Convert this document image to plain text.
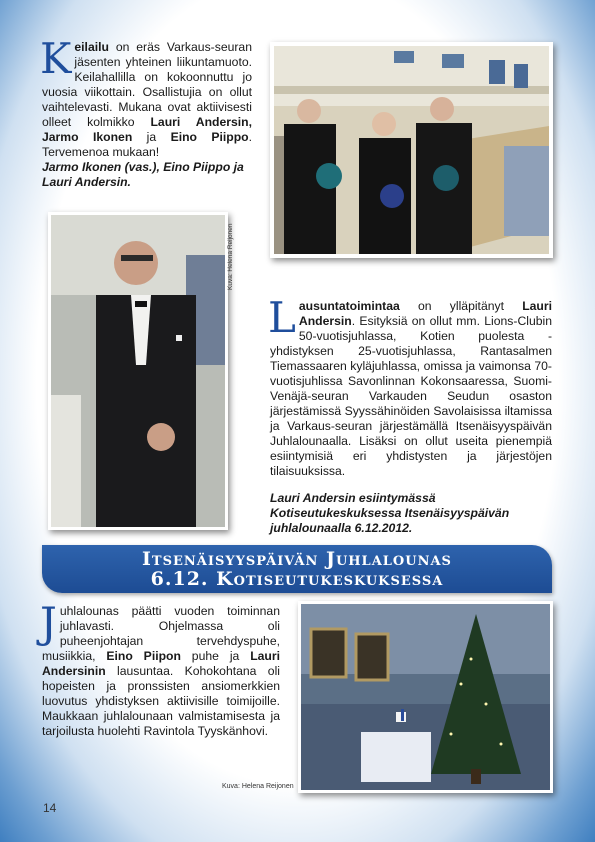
Keilailu on eräs Varkaus-seuran jäsenten yhteinen liikuntamuoto. Keilahallilla on kokoonnuttu jo vuosia viikottain. Osallistujia on ollut vaihtelevasti. Mukana ovat aktiivisesti olleet kolmikko Lauri Andersin, Jarmo Ikonen ja Eino Piippo. Tervemenoa mukaan!
Jarmo Ikonen (vas.), Eino Piippo ja Lauri Andersin.
Kuva: Helena Reijonen
Lausuntatoimintaa on ylläpitänyt Lauri Andersin. Esityksiä on ollut mm. Lions-Clubin 50-vuotisjuhlassa, Kotien puolesta -yhdistyksen 25-vuotisjuhlassa, Rantasalmen Tiemassaaren kyläjuhlassa, omissa ja vaimonsa 70-vuotisjuhlissa Savonlinnan Kokonsaaressa, Suomi-Venäjä-seuran Varkauden Seudun osaston järjestämissä Syyssähinöiden Savolaisissa iltamissa ja Varkaus-seuran järjestämällä Itsenäisyyspäivän Juhlalounaalla. Lisäksi on ollut useita pienempiä esiintymisiä eri yhdistysten ja järjestöjen tilaisuuksissa.
Lauri Andersin esiintymässä Kotiseutukeskuksessa Itsenäisyyspäivän juhlalounaalla 6.12.2012.
Itsenäisyyspäivän Juhlalounas
6.12. Kotiseutukeskuksessa
Juhlalounas päätti vuoden toiminnan juhlavasti. Ohjelmassa oli puheenjohtajan tervehdyspuhe, musiikkia, Eino Piipon puhe ja Lauri Andersinin lausuntaa. Kohokohtana oli hopeisten ja pronssisten ansiomerkkien luovutus yhdistyksen aktiivisille toimijoille. Maukkaan juhlalounaan valmistamisesta ja tarjoilusta huolehti Ravintola Tyyskänhovi.
Kuva: Helena Reijonen
14
